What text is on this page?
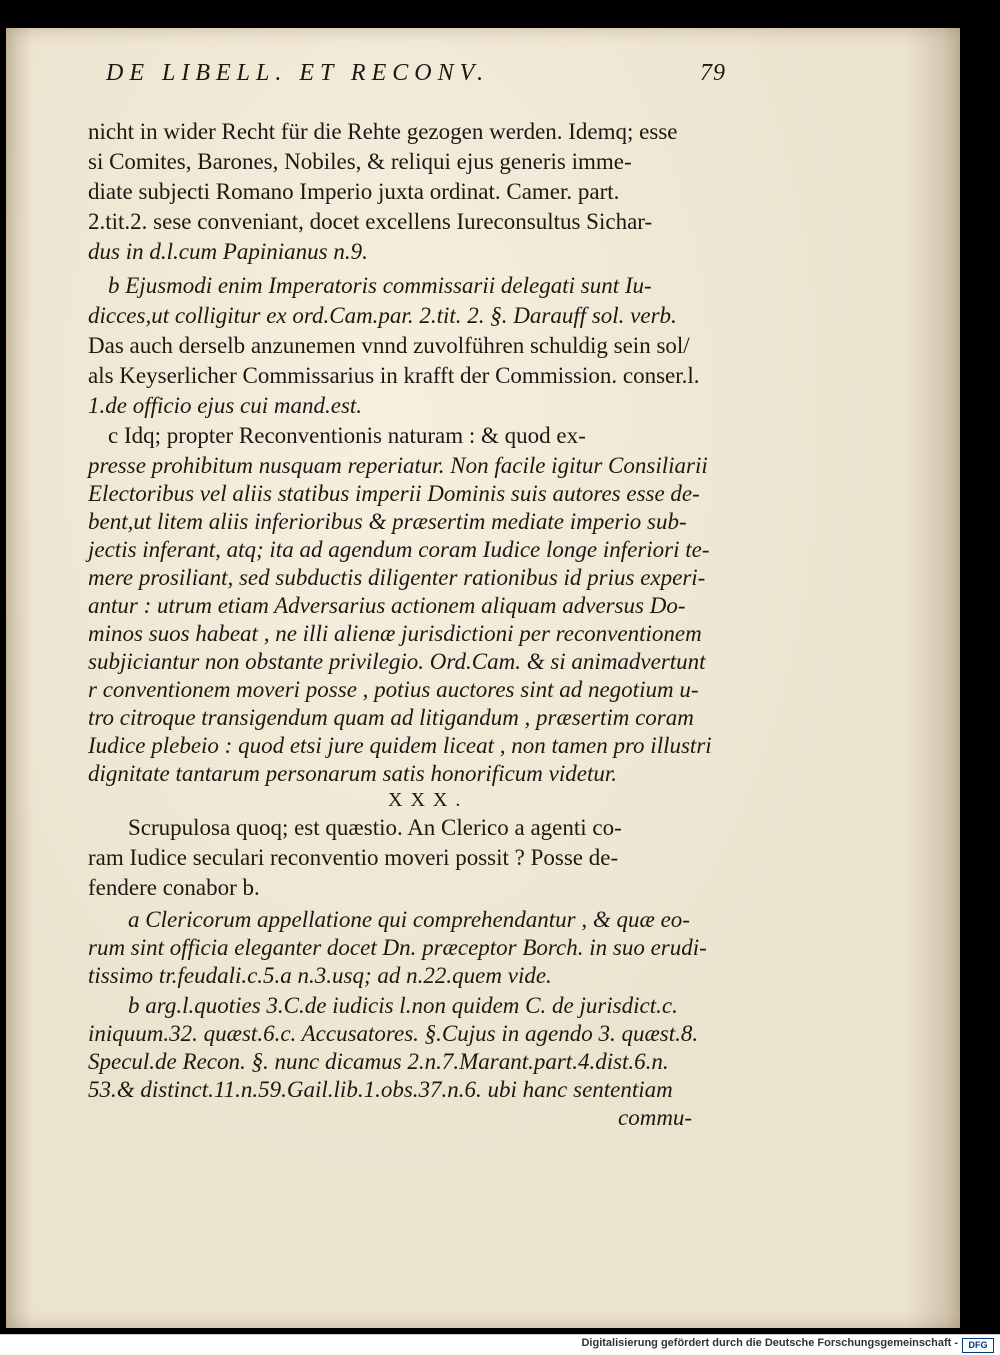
DE LIBELL. ET RECONV.	79
nicht in wider Recht für die Rehte gezogen werden. Idemq; esse
si Comites, Barones, Nobiles, & reliqui ejus generis imme-
diate subjecti Romano Imperio juxta ordinat. Camer. part.
2.tit.2. sese conveniant, docet excellens Iureconsultus Sichar-
dus in d.l.cum Papinianus n.9.
b Ejusmodi enim Imperatoris commissarii delegati sunt Iu-
dicces,ut colligitur ex ord.Cam.par. 2.tit. 2. §. Darauff sol. verb.
Das auch derselb anzunemen vnnd zuvolführen schuldig sein sol/
als Keyserlicher Commissarius in krafft der Commission. conser.l.
1.de officio ejus cui mand.est.
c Idq; propter Reconventionis naturam : & quod ex-
presse prohibitum nusquam reperiatur. Non facile igitur Consiliarii
Electoribus vel aliis statibus imperii Dominis suis autores esse de-
bent,ut litem aliis inferioribus & præsertim mediate imperio sub-
jectis inferant, atq; ita ad agendum coram Iudice longe inferiori te-
mere prosiliant, sed subductis diligenter rationibus id prius experi-
antur : utrum etiam Adversarius actionem aliquam adversus Do-
minos suos habeat , ne illi alienæ jurisdictioni per reconventionem
subjiciantur non obstante privilegio. Ord.Cam. & si animadvertunt
r conventionem moveri posse , potius auctores sint ad negotium u-
tro citroque transigendum quam ad litigandum , præsertim coram
Iudice plebeio : quod etsi jure quidem liceat , non tamen pro illustri
dignitate tantarum personarum satis honorificum videtur.
XXX.
Scrupulosa quoq; est quæstio. An Clerico a agenti co-
ram Iudice seculari reconventio moveri possit ? Posse de-
fendere conabor b.
a Clericorum appellatione qui comprehendantur , & quæ eo-
rum sint officia eleganter docet Dn. præceptor Borch. in suo erudi-
tissimo tr.feudali.c.5.a n.3.usq; ad n.22.quem vide.
b arg.l.quoties 3.C.de iudicis l.non quidem C. de jurisdict.c.
iniquum.32. quæst.6.c. Accusatores. §.Cujus in agendo 3. quæst.8.
Specul.de Recon. §. nunc dicamus 2.n.7.Marant.part.4.dist.6.n.
53.& distinct.11.n.59.Gail.lib.1.obs.37.n.6. ubi hanc sententiam
commu-
Digitalisierung gefördert durch die Deutsche Forschungsgemeinschaft -	DFG
